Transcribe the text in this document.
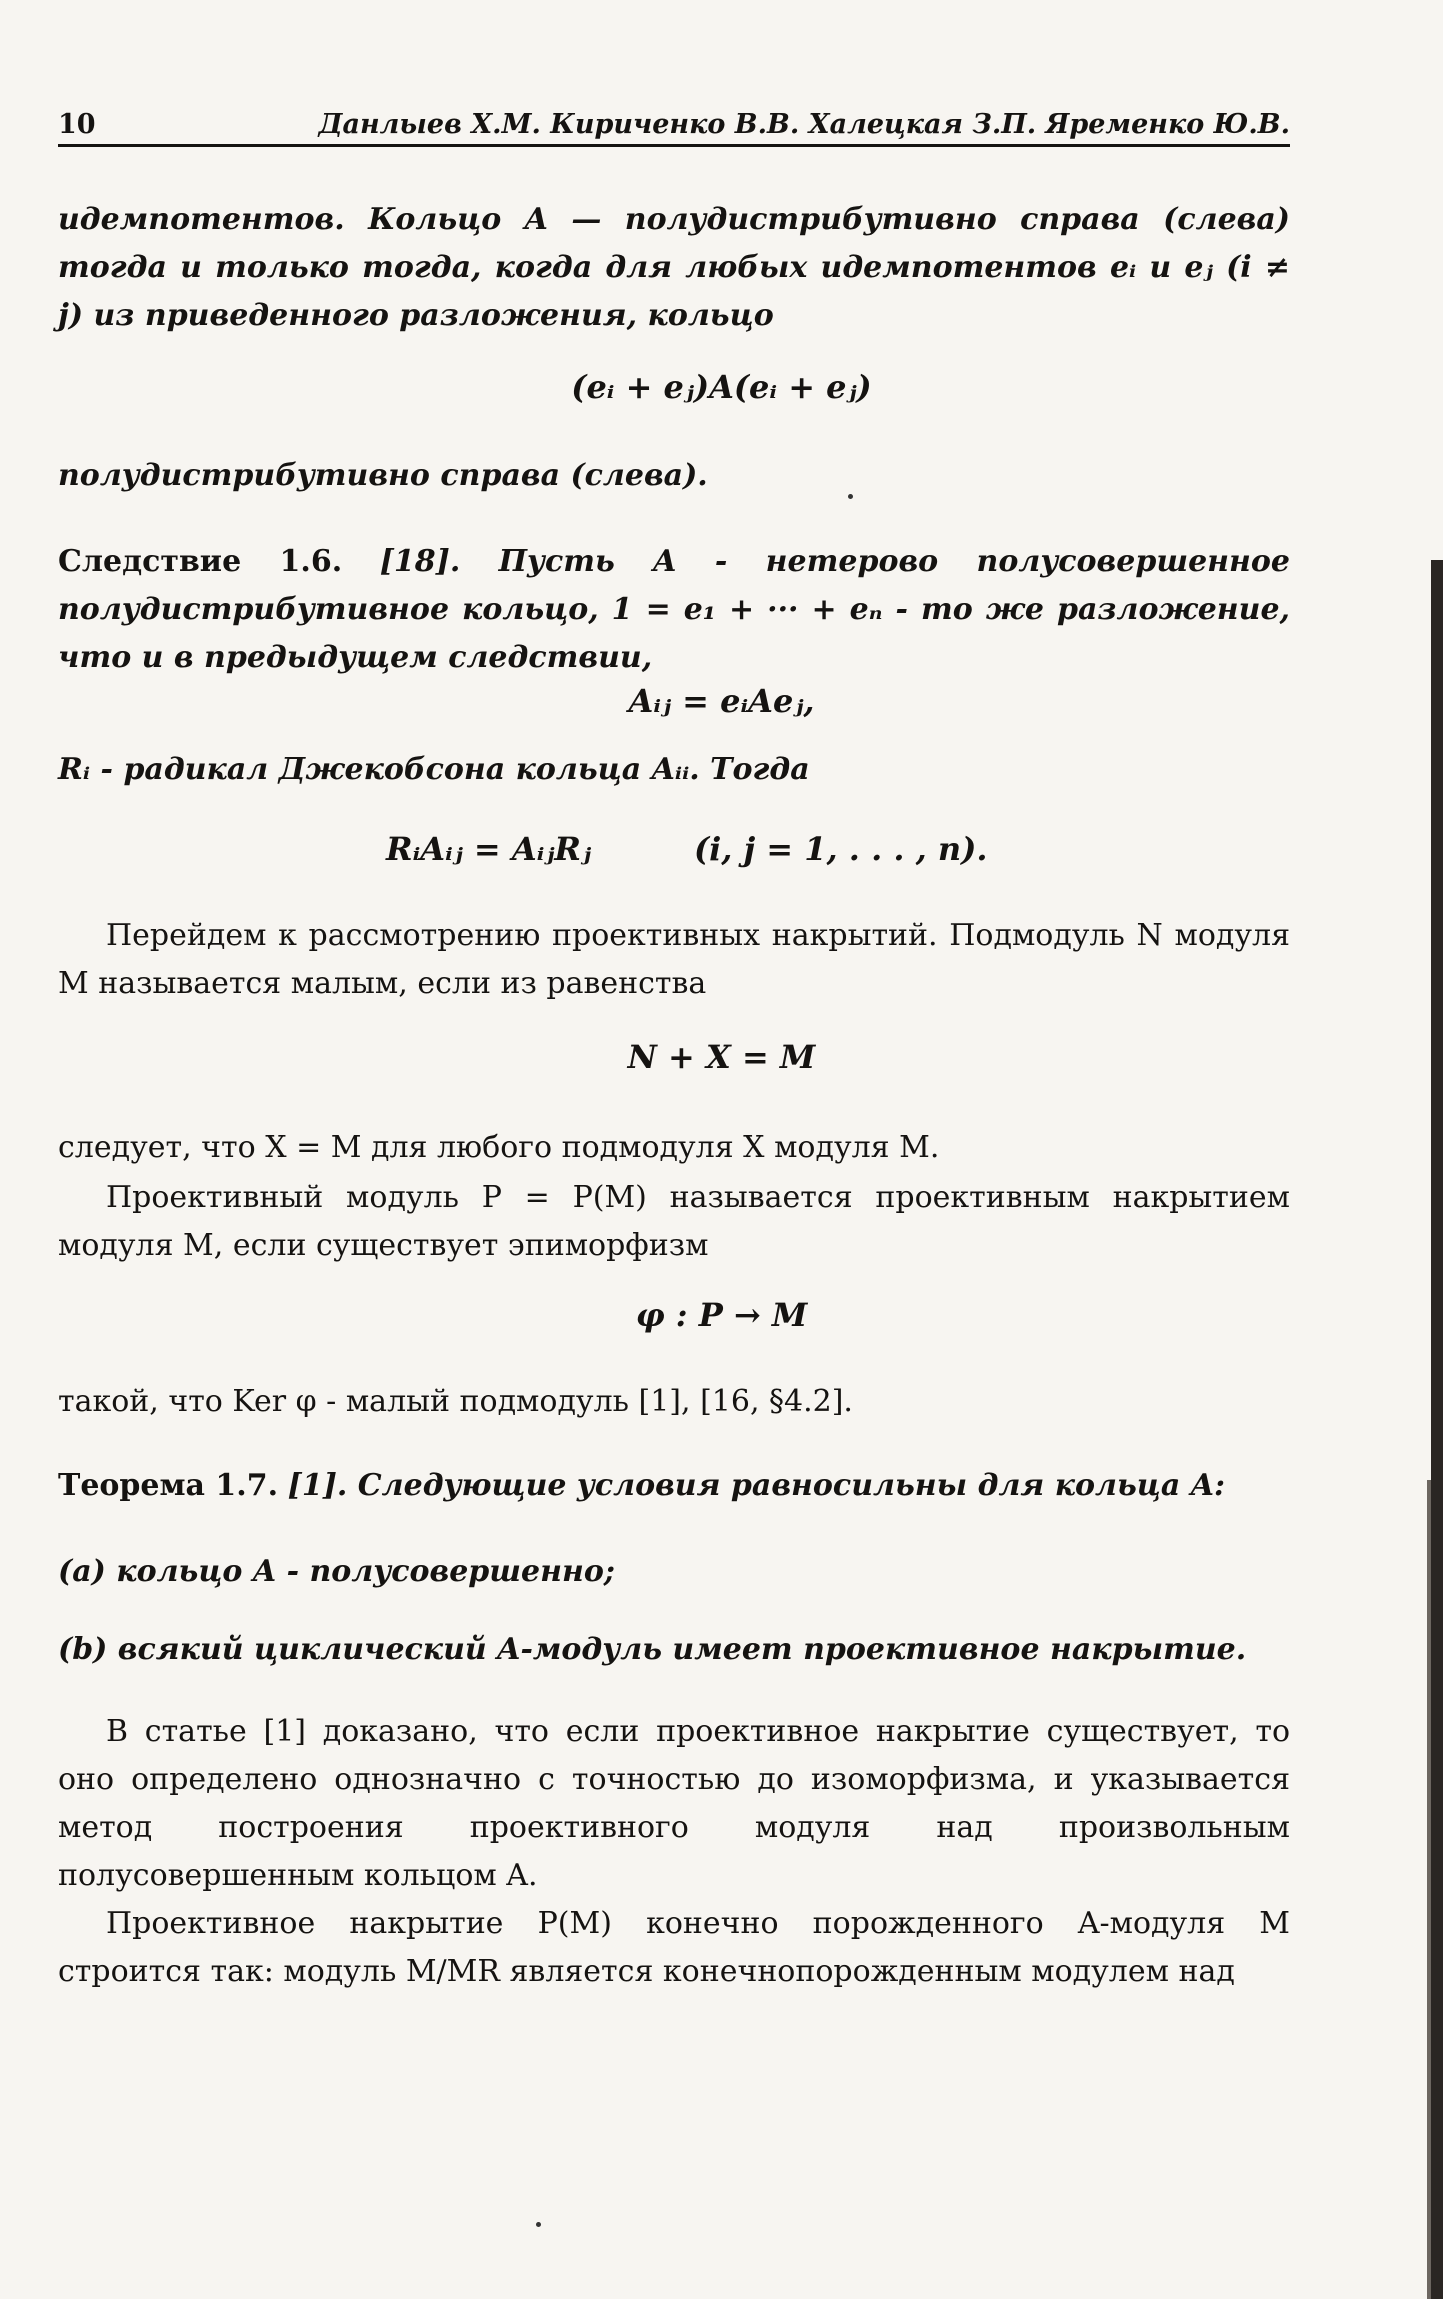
10	Данлыев Х.М. Кириченко В.В. Халецкая З.П. Яременко Ю.В.

идемпотентов. Кольцо A — полудистрибутивно справа (слева) тогда и только тогда, когда для любых идемпотентов eᵢ и eⱼ (i ≠ j) из приведенного разложения, кольцо

(eᵢ + eⱼ)A(eᵢ + eⱼ)

полудистрибутивно справа (слева).

Следствие 1.6. [18]. Пусть A - нетерово полусовершенное полудистрибутивное кольцо, 1 = e₁ + ··· + eₙ - то же разложение, что и в предыдущем следствии,

Aᵢⱼ = eᵢAeⱼ,

Rᵢ - радикал Джекобсона кольца Aᵢᵢ. Тогда

RᵢAᵢⱼ = AᵢⱼRⱼ	(i, j = 1, . . . , n).

Перейдем к рассмотрению проективных накрытий. Подмодуль N модуля M называется малым, если из равенства

N + X = M

следует, что X = M для любого подмодуля X модуля M.

Проективный модуль P = P(M) называется проективным накрытием модуля M, если существует эпиморфизм

φ : P → M

такой, что Ker φ - малый подмодуль [1], [16, §4.2].

Теорема 1.7. [1]. Следующие условия равносильны для кольца A:

(a) кольцо A - полусовершенно;

(b) всякий циклический A-модуль имеет проективное накрытие.

В статье [1] доказано, что если проективное накрытие существует, то оно определено однозначно с точностью до изоморфизма, и указывается метод построения проективного модуля над произвольным полусовершенным кольцом A.

Проективное накрытие P(M) конечно порожденного A-модуля M строится так: модуль M/MR является конечнопорожденным модулем над
